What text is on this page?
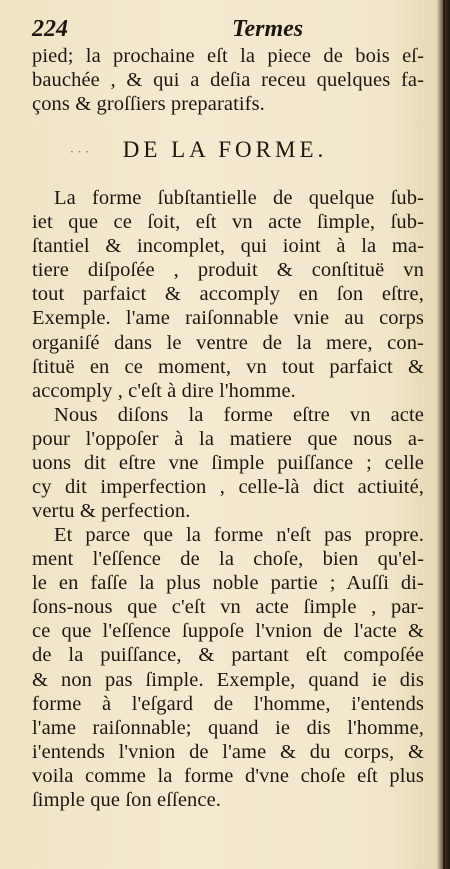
224	Termes
pied; la prochaine eſt la piece de bois eſ-
bauchée , & qui a deſia receu quelques fa-
çons & groſſiers preparatifs.
· · ·	DE LA FORME.
La forme ſubſtantielle de quelque ſub-
iet que ce ſoit, eſt vn acte ſimple, ſub-
ſtantiel & incomplet, qui ioint à la ma-
tiere diſpoſée , produit & conſtituë vn
tout parfaict & accomply en ſon eſtre,
Exemple. l'ame raiſonnable vnie au corps
organiſé dans le ventre de la mere, con-
ſtituë en ce moment, vn tout parfaict &
accomply , c'eſt à dire l'homme.
Nous diſons la forme eſtre vn acte
pour l'oppoſer à la matiere que nous a-
uons dit eſtre vne ſimple puiſſance ; celle
cy dit imperfection , celle-là dict actiuité,
vertu & perfection.
Et parce que la forme n'eſt pas propre.
ment l'eſſence de la choſe, bien qu'el-
le en faſſe la plus noble partie ; Auſſi di-
ſons-nous que c'eſt vn acte ſimple , par-
ce que l'eſſence ſuppoſe l'vnion de l'acte &
de la puiſſance, & partant eſt compoſée
& non pas ſimple. Exemple, quand ie dis
forme à l'eſgard de l'homme, i'entends
l'ame raiſonnable; quand ie dis l'homme,
i'entends l'vnion de l'ame & du corps, &
voila comme la forme d'vne choſe eſt plus
ſimple que ſon eſſence.
